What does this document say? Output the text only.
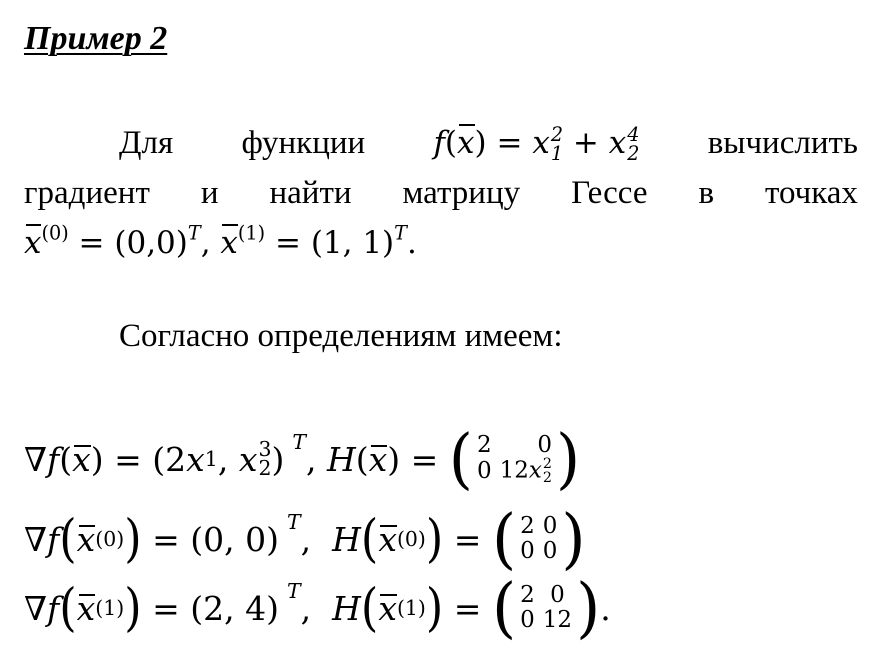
Пример 2
Для функции f(x) = x 2
1 + x 4
2 вычислить
градиент и найти матрицу Гессе в точках
$x^{(0)} = (0,0)^T$, $x^{(1)} = (1$, 1)$^T$.
Согласно определениям имеем:
∇ f ( x )
=
( 2 x 1 ,
x 3
2 ) T ,
H ( x )
=
( 2	0
0	12x 2
2 )
∇ f ( x (0) )
=
(0, 0) T ,
H ( x (0) )
=
( 2	0
0	0 )
∇ f ( x (1) )
=
(2, 4) T ,
H ( x (1) )
=
( 2	0
0	12 ) .
